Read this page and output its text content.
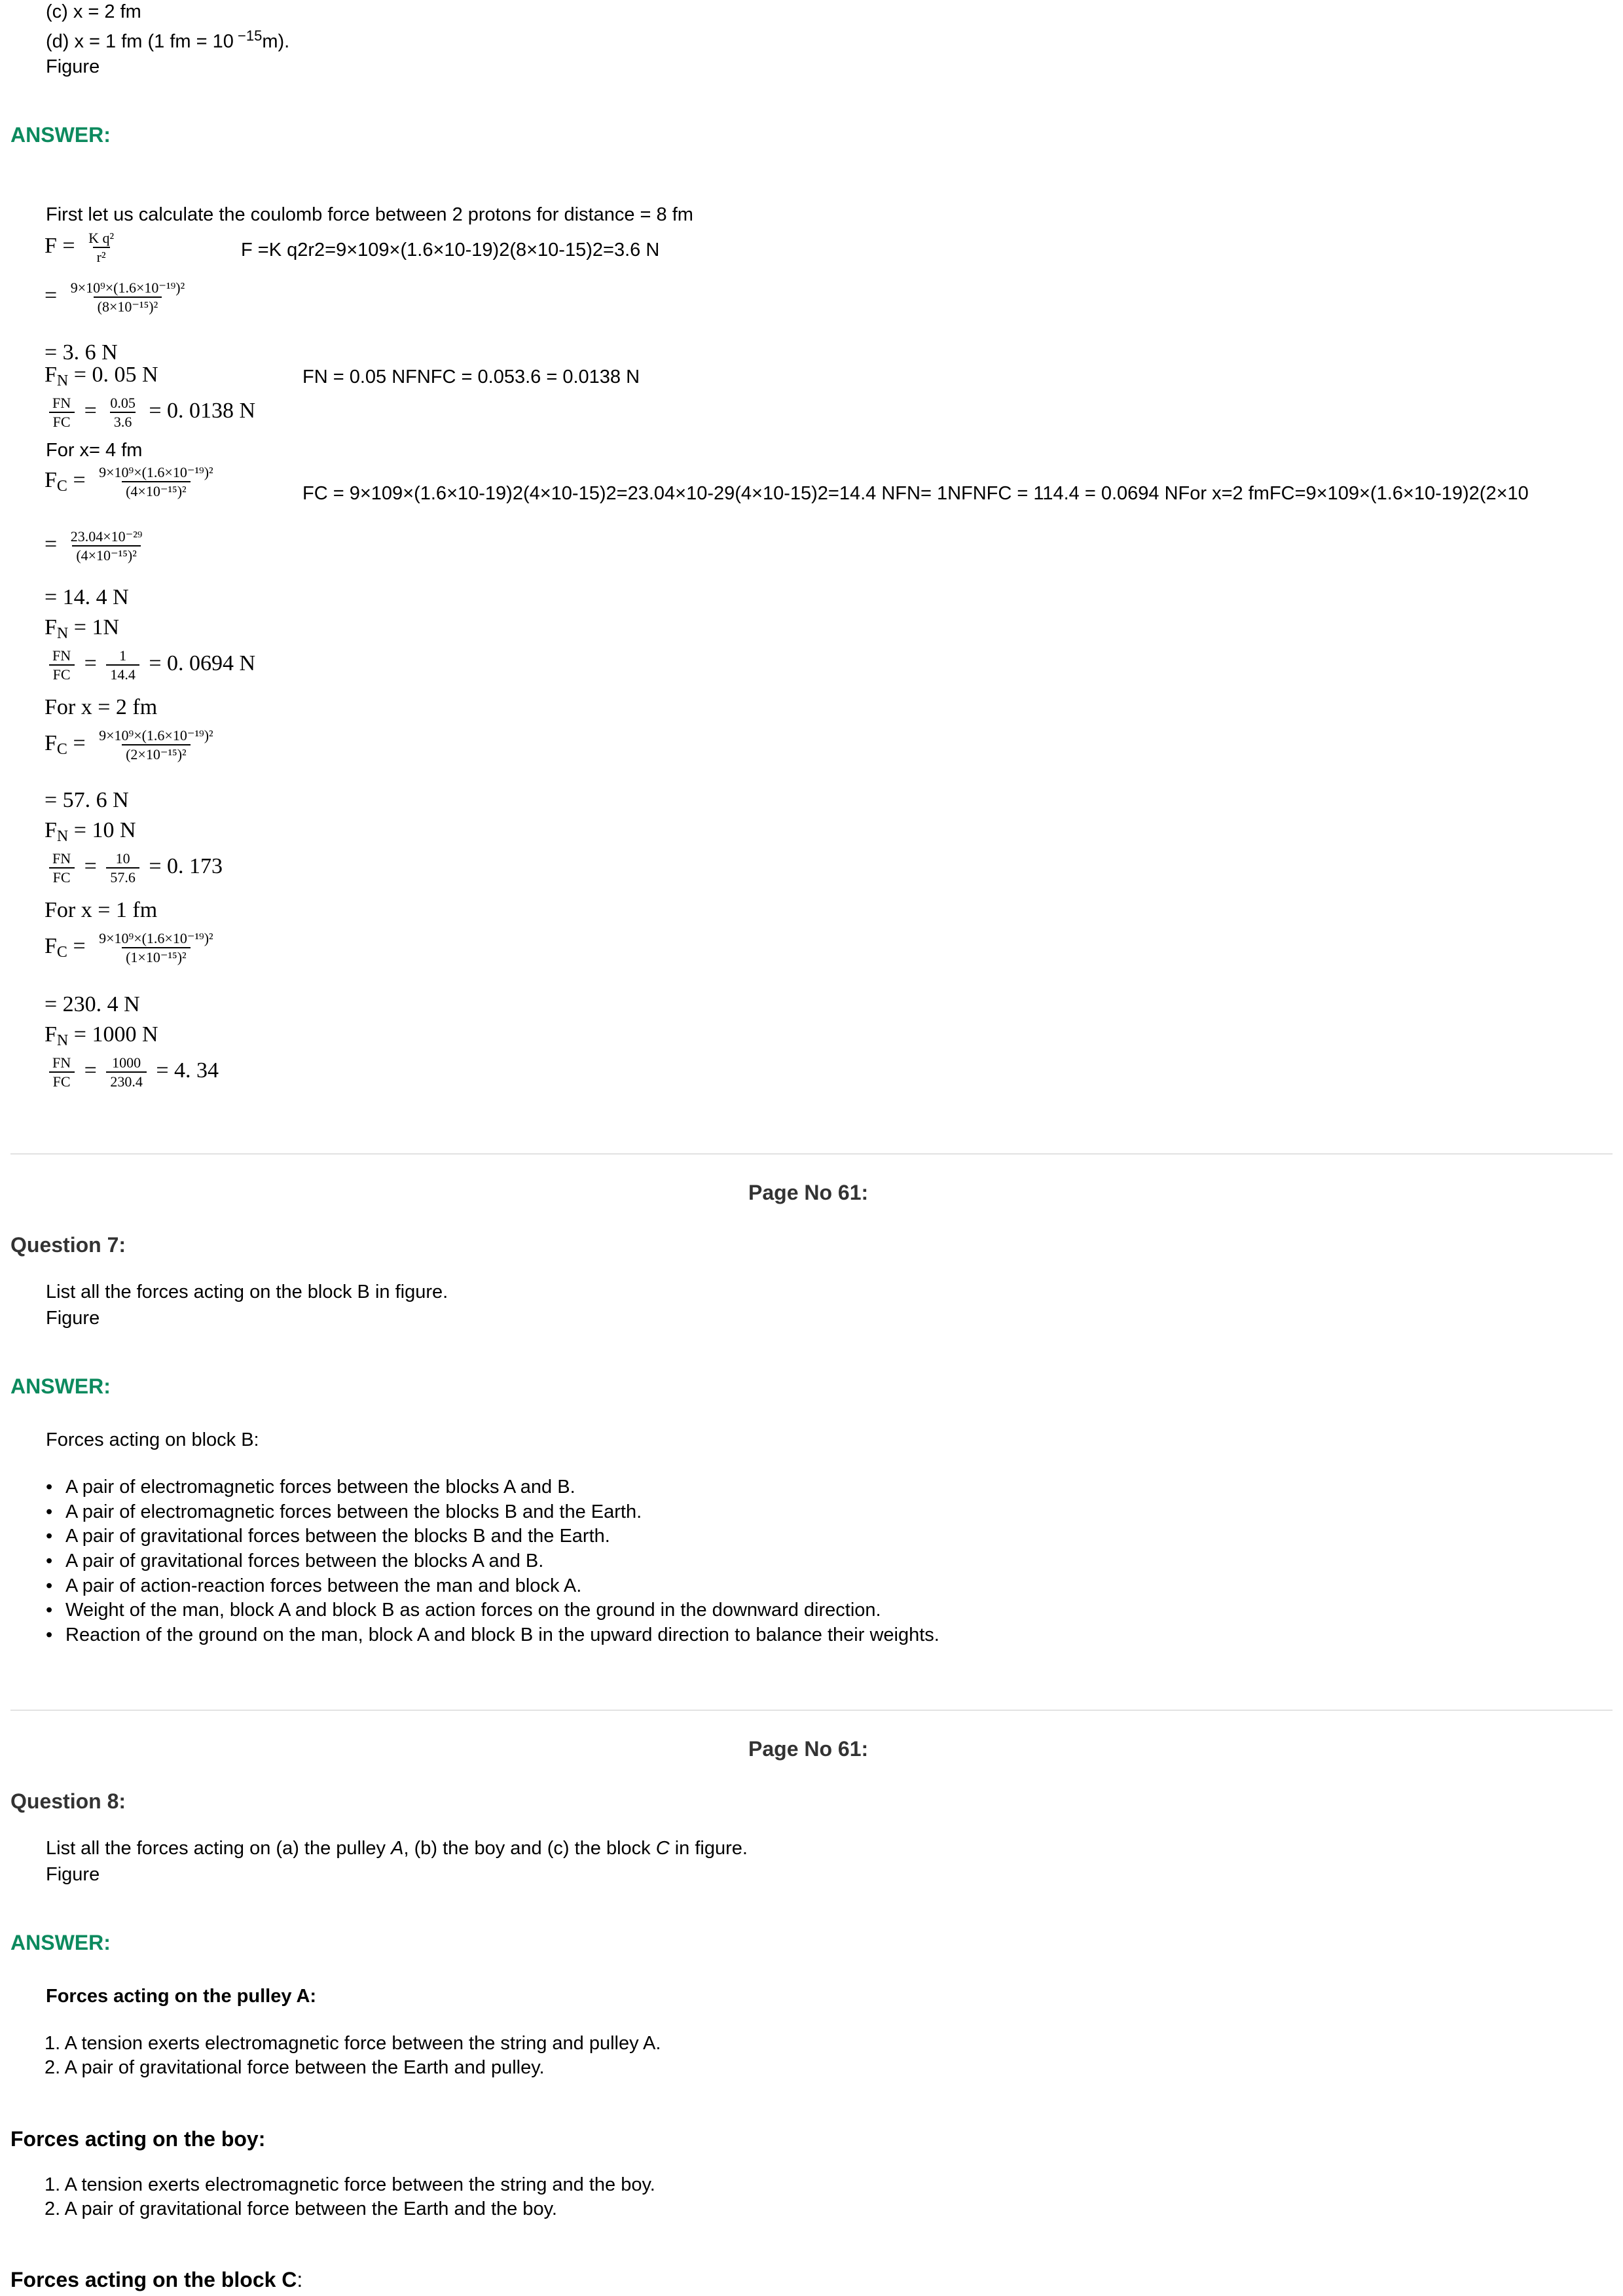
(c) x = 2 fm
(d) x = 1 fm (1 fm = 10 $^{-15}$m).
Figure
ANSWER:
First let us calculate the coulomb force between 2 protons for distance = 8 fm
$F = \frac{\text{K q²}}{\text{r²}}$	F =K q2r2=9×109×(1.6×10-19)2(8×10-15)2=3.6 N
= $\frac{\text{9×10⁹×(1.6×10⁻¹⁹)²}}{\text{(8×10⁻¹⁵)²}}$
= 3. 6 N
$F_N = 0$. 05 N	FN = 0.05 NFNFC = 0.053.6 = 0.0138 N
$\frac{FN}{FC} = \frac{0.05}{3.6} = 0$. 0138 N
For x= 4 fm
$F_C = \frac{\text{9×10⁹×(1.6×10⁻¹⁹)²}}{\text{(4×10⁻¹⁵)²}}$	FC = 9×109×(1.6×10-19)2(4×10-15)2=23.04×10-29(4×10-15)2=14.4 NFN= 1NFNFC = 114.4 = 0.0694 NFor x=2 fmFC=9×109×(1.6×10-19)2(2×10
= $\frac{\text{23.04×10⁻²⁹}}{\text{(4×10⁻¹⁵)²}}$
= 14. 4 N
$F_N = 1N$
$\frac{FN}{FC} = \frac{1}{14.4} = 0$. 0694 N
For x = 2 fm
$F_C = \frac{\text{9×10⁹×(1.6×10⁻¹⁹)²}}{\text{(2×10⁻¹⁵)²}}$
= 57. 6 N
$F_N = 10$ N
$\frac{FN}{FC} = \frac{10}{57.6} = 0$. 173
For x = 1 fm
$F_C = \frac{\text{9×10⁹×(1.6×10⁻¹⁹)²}}{\text{(1×10⁻¹⁵)²}}$
= 230. 4 N
$F_N = 1000$ N
$\frac{FN}{FC} = \frac{1000}{230.4} = 4$. 34
Page No 61:
Question 7:
List all the forces acting on the block B in figure.
Figure
ANSWER:
Forces acting on block B:
• A pair of electromagnetic forces between the blocks A and B.
• A pair of electromagnetic forces between the blocks B and the Earth.
• A pair of gravitational forces between the blocks B and the Earth.
• A pair of gravitational forces between the blocks A and B.
• A pair of action-reaction forces between the man and block A.
• Weight of the man, block A and block B as action forces on the ground in the downward direction.
• Reaction of the ground on the man, block A and block B in the upward direction to balance their weights.
Page No 61:
Question 8:
List all the forces acting on (a) the pulley A, (b) the boy and (c) the block C in figure.
Figure
ANSWER:
Forces acting on the pulley A:
1. A tension exerts electromagnetic force between the string and pulley A.
2. A pair of gravitational force between the Earth and pulley.
Forces acting on the boy:
1. A tension exerts electromagnetic force between the string and the boy.
2. A pair of gravitational force between the Earth and the boy.
Forces acting on the block C:
